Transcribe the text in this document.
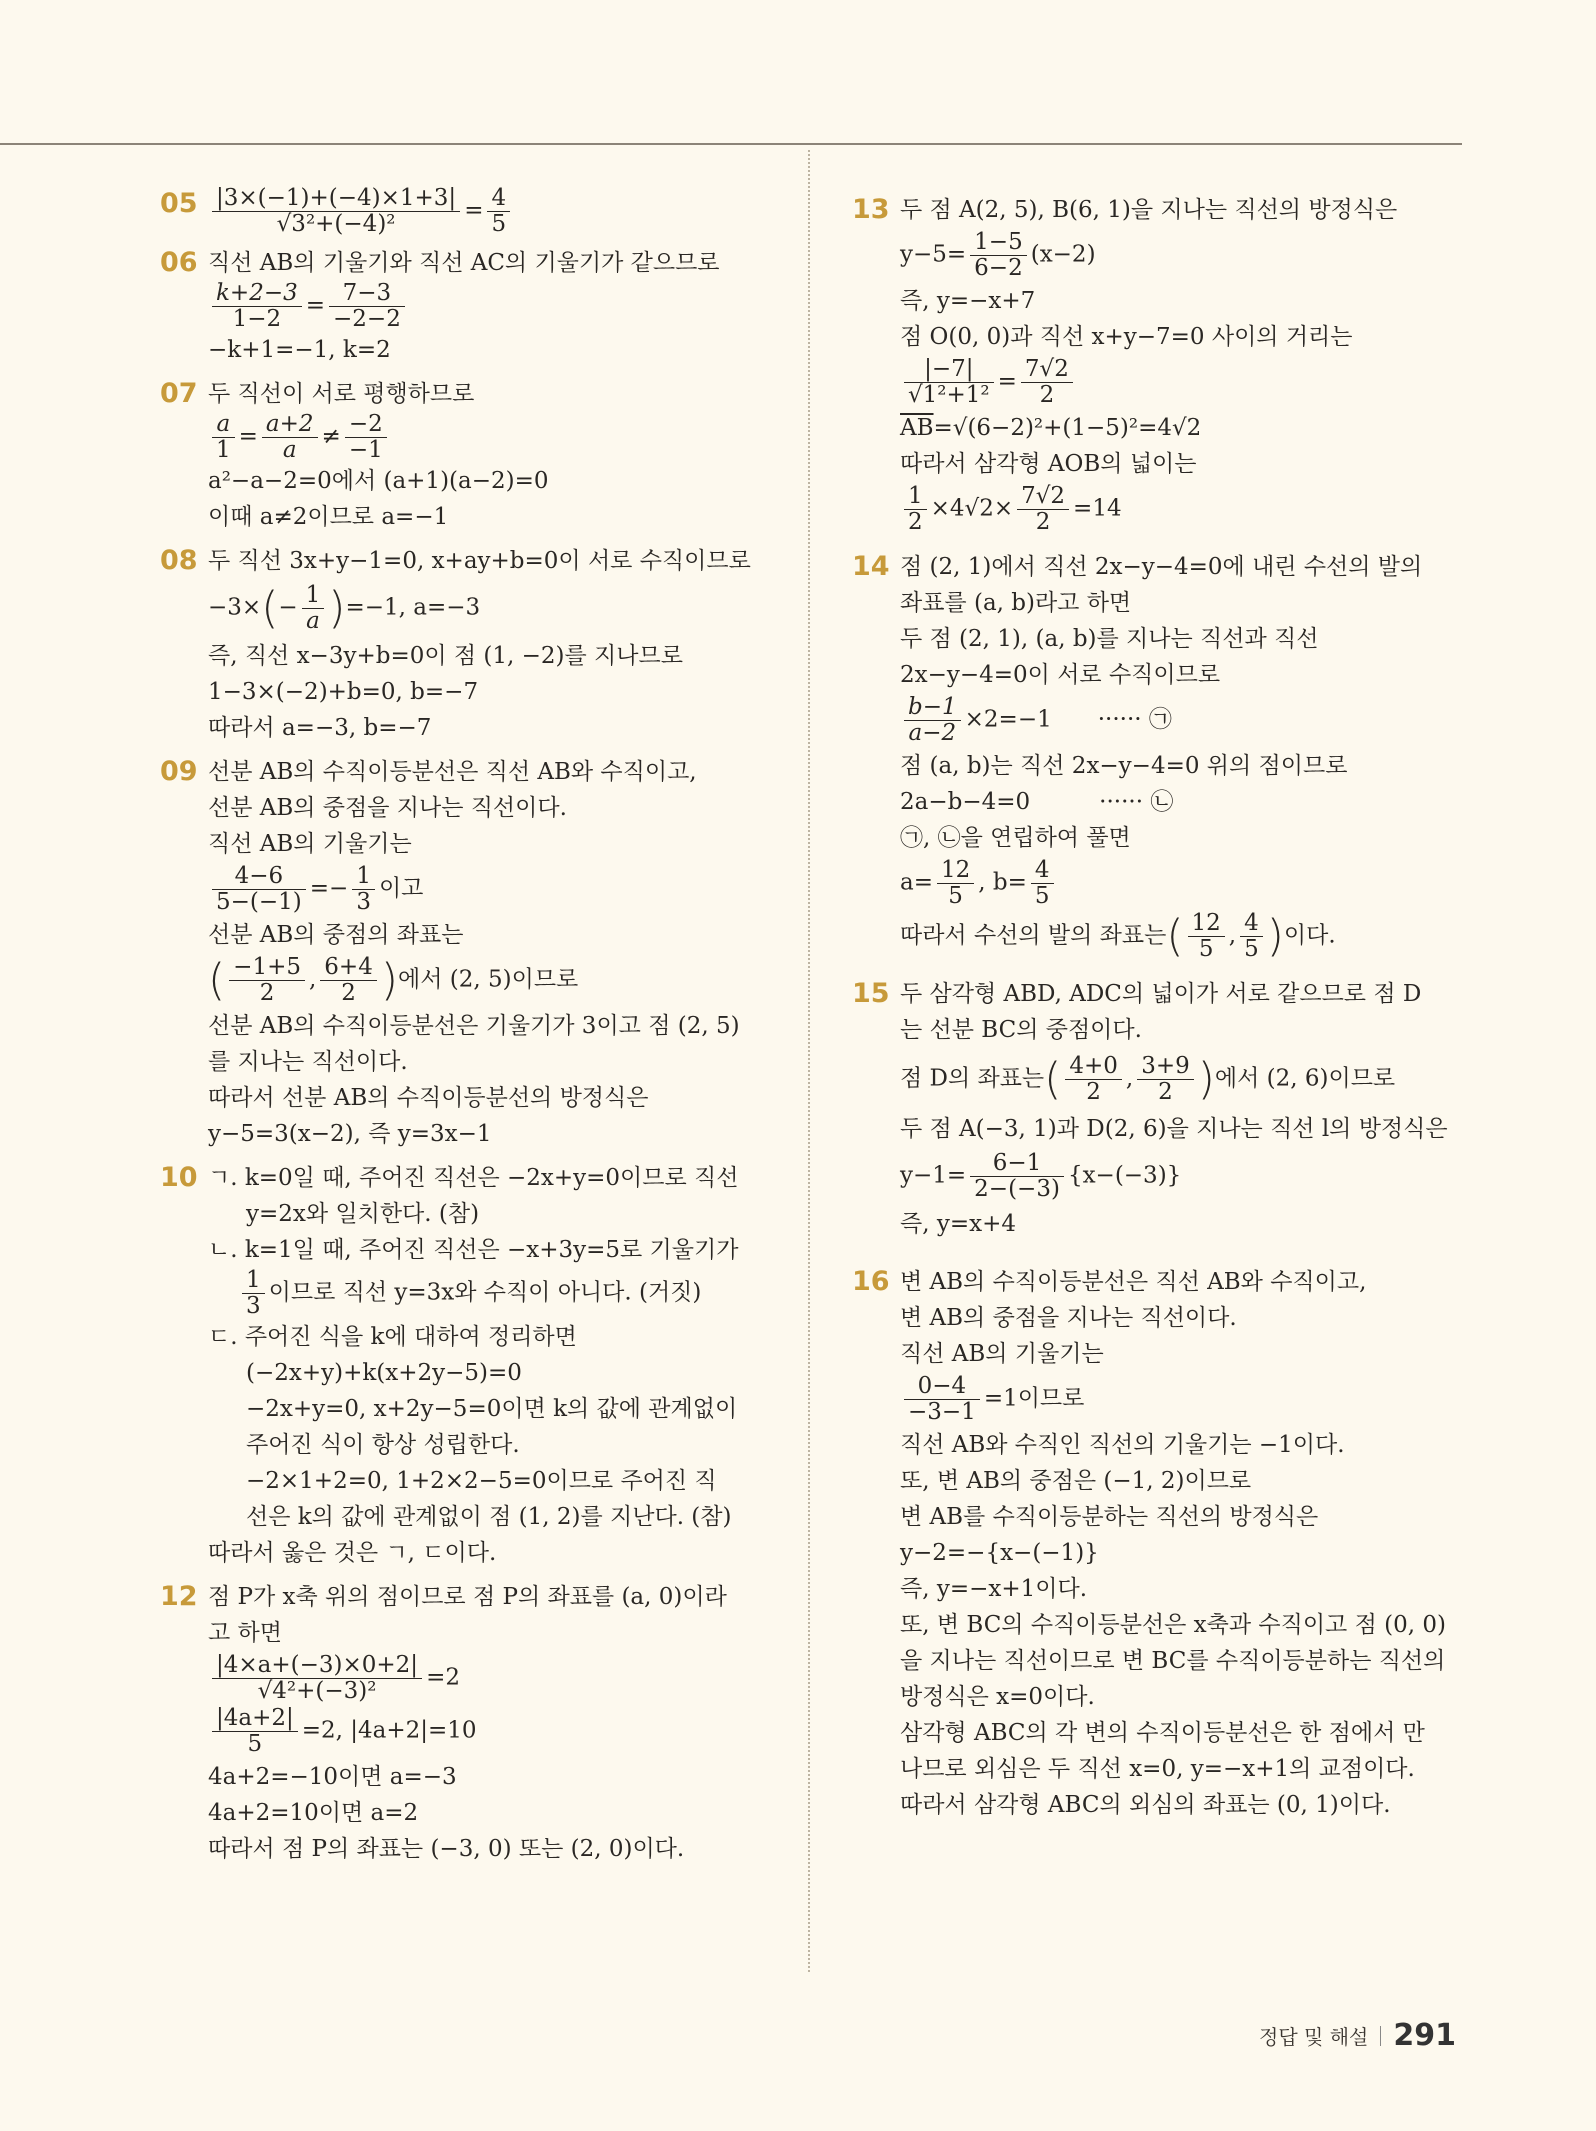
$05 \frac{|3\times(-1)+(-4)\times 1+3|}{\text{√3²+(−4)²}} = \frac{4}{5}$
06 직선 AB의 기울기와 직선 AC의 기울기가 같으므로
$\frac{k+2-3}{1-2} = \frac{7-3}{-2-2}$
−k+1=−1, k=2
07 두 직선이 서로 평행하므로
$\frac{a}{1} = \frac{a+2}{a} \ne \frac{-2}{-1}$
a²−a−2=0에서 (a+1)(a−2)=0
이때 a≠2이므로 a=−1
08 두 직선 3x+y−1=0, x+ay+b=0이 서로 수직이므로
$-3\times(- \frac{1}{a} )=-1$, a=−3
즉, 직선 x−3y+b=0이 점 (1, −2)를 지나므로
1−3×(−2)+b=0, b=−7
따라서 a=−3, b=−7
09 선분 AB의 수직이등분선은 직선 AB와 수직이고,
선분 AB의 중점을 지나는 직선이다.
직선 AB의 기울기는
$\frac{4-6}{5-(-1)} =- \frac{1}{3}$ 이고
선분 AB의 중점의 좌표는
( $\frac{-1+5}{2}$ , $\frac{6+4}{2}$ )에서 (2, 5)이므로
선분 AB의 수직이등분선은 기울기가 3이고 점 (2, 5)
를 지나는 직선이다.
따라서 선분 AB의 수직이등분선의 방정식은
y−5=3(x−2), 즉 y=3x−1
10 ㄱ. k=0일 때, 주어진 직선은 −2x+y=0이므로 직선
y=2x와 일치한다. (참)
ㄴ. k=1일 때, 주어진 직선은 −x+3y=5로 기울기가
$\frac{1}{3}$ 이므로 직선 y=3x와 수직이 아니다. (거짓)
ㄷ. 주어진 식을 k에 대하여 정리하면
(−2x+y)+k(x+2y−5)=0
−2x+y=0, x+2y−5=0이면 k의 값에 관계없이
주어진 식이 항상 성립한다.
−2×1+2=0, 1+2×2−5=0이므로 주어진 직
선은 k의 값에 관계없이 점 (1, 2)를 지난다. (참)
따라서 옳은 것은 ㄱ, ㄷ이다.
12 점 P가 x축 위의 점이므로 점 P의 좌표를 (a, 0)이라
고 하면
$\frac{|4\times a+(-3)\times 0+2|}{\text{√4²+(−3)²}} =2$
$\frac{|4a+2|}{5} =2$, |4a+2|=10
4a+2=−10이면 a=−3
4a+2=10이면 a=2
따라서 점 P의 좌표는 (−3, 0) 또는 (2, 0)이다.
13 두 점 A(2, 5), B(6, 1)을 지나는 직선의 방정식은
$y-5= \frac{1-5}{6-2} (x-2)$
즉, y=−x+7
점 O(0, 0)과 직선 x+y−7=0 사이의 거리는
$\frac{|-7|}{\text{√1²+1²}} = \frac{7√2}{2}$
$\overline{AB}=√(6-2)^2+(1-5)^2=4√2$
따라서 삼각형 AOB의 넓이는
$\frac{1}{2} \times 4√2\times \frac{7√2}{2} =14$
14 점 (2, 1)에서 직선 2x−y−4=0에 내린 수선의 발의
좌표를 (a, b)라고 하면
두 점 (2, 1), (a, b)를 지나는 직선과 직선
2x−y−4=0이 서로 수직이므로
$\frac{b-1}{a-2} \times 2=-1$　　······ ㉠
점 (a, b)는 직선 2x−y−4=0 위의 점이므로
2a−b−4=0　　　······ ㉡
㉠, ㉡을 연립하여 풀면
$a= \frac{12}{5}$ , $b= \frac{4}{5}$
따라서 수선의 발의 좌표는( $\frac{12}{5}$ , $\frac{4}{5}$ )이다.
15 두 삼각형 ABD, ADC의 넓이가 서로 같으므로 점 D
는 선분 BC의 중점이다.
점 D의 좌표는( $\frac{4+0}{2}$ , $\frac{3+9}{2}$ )에서 (2, 6)이므로
두 점 A(−3, 1)과 D(2, 6)을 지나는 직선 l의 방정식은
$y-1= \frac{6-1}{2-(-3)} \{x-(-3)\}$
즉, y=x+4
16 변 AB의 수직이등분선은 직선 AB와 수직이고,
변 AB의 중점을 지나는 직선이다.
직선 AB의 기울기는
$\frac{0-4}{-3-1} =1$이므로
직선 AB와 수직인 직선의 기울기는 −1이다.
또, 변 AB의 중점은 (−1, 2)이므로
변 AB를 수직이등분하는 직선의 방정식은
y−2=−{x−(−1)}
즉, y=−x+1이다.
또, 변 BC의 수직이등분선은 x축과 수직이고 점 (0, 0)
을 지나는 직선이므로 변 BC를 수직이등분하는 직선의
방정식은 x=0이다.
삼각형 ABC의 각 변의 수직이등분선은 한 점에서 만
나므로 외심은 두 직선 x=0, y=−x+1의 교점이다.
따라서 삼각형 ABC의 외심의 좌표는 (0, 1)이다.
정답 및 해설 291
